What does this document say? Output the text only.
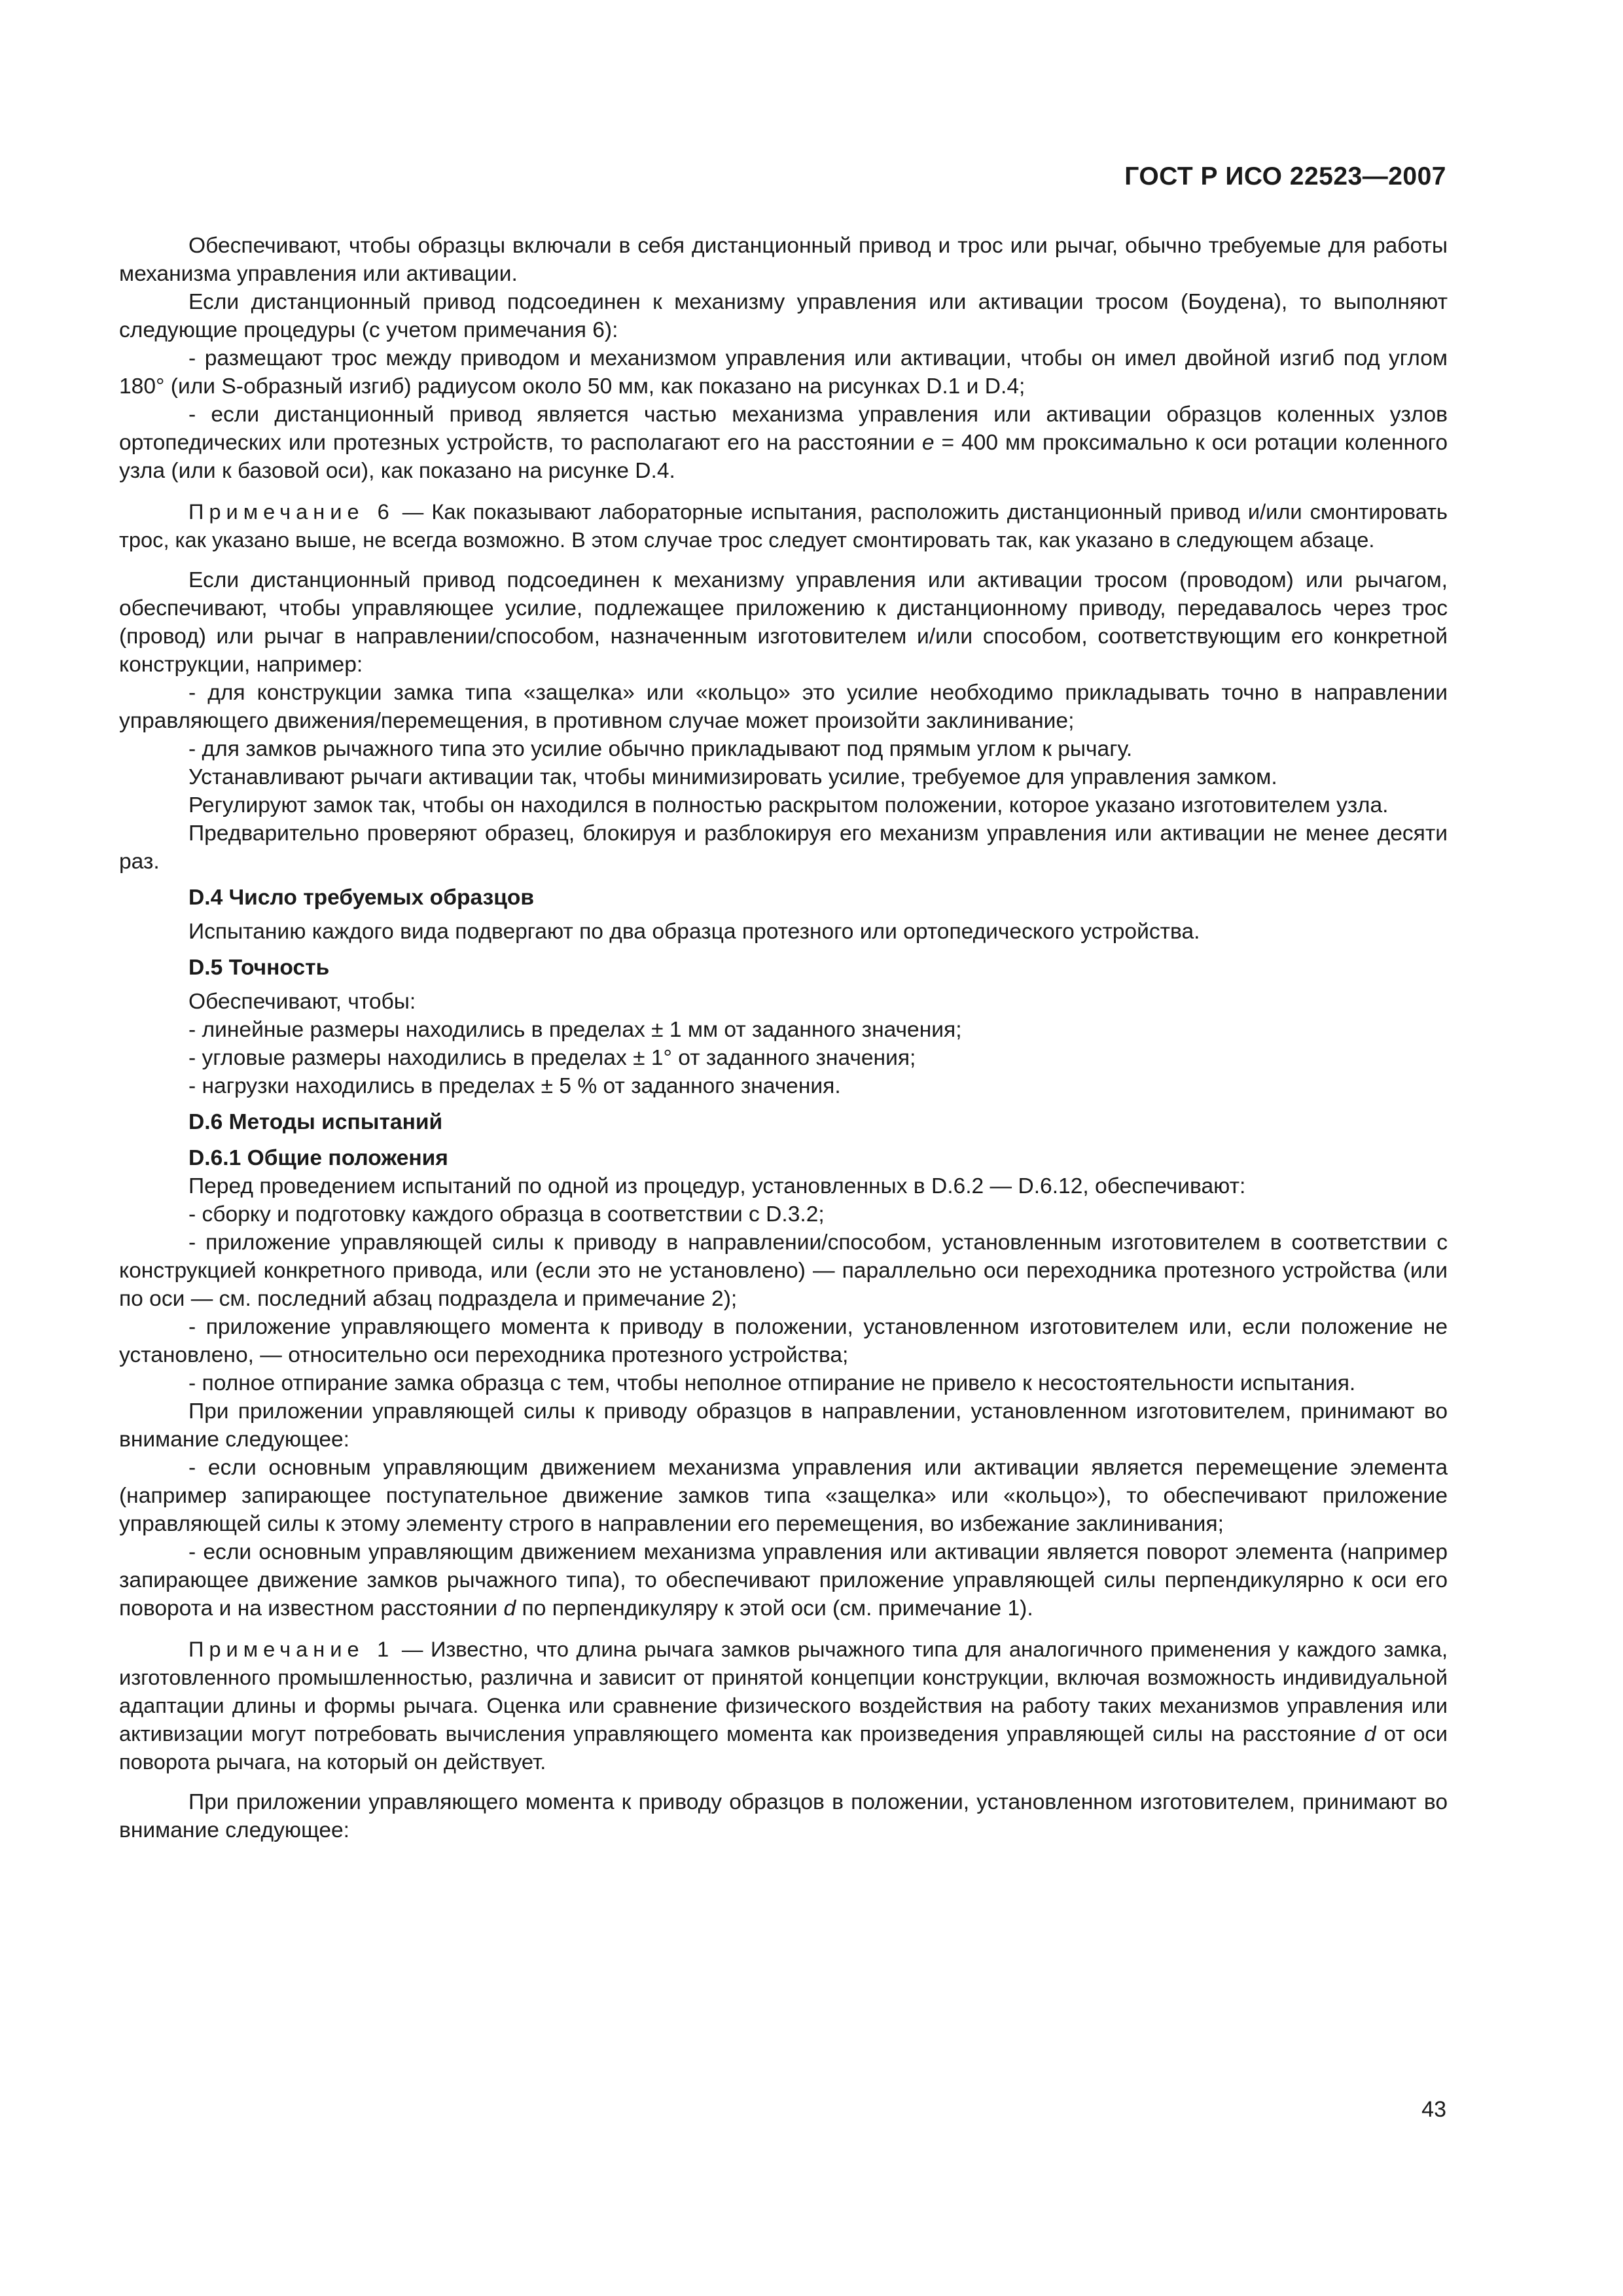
ГОСТ Р ИСО 22523—2007

Обеспечивают, чтобы образцы включали в себя дистанционный привод и трос или рычаг, обычно требуемые для работы механизма управления или активации.

Если дистанционный привод подсоединен к механизму управления или активации тросом (Боудена), то выполняют следующие процедуры (с учетом примечания 6):

- размещают трос между приводом и механизмом управления или активации, чтобы он имел двойной изгиб под углом 180° (или S-образный изгиб) радиусом около 50 мм, как показано на рисунках D.1 и D.4;

- если дистанционный привод является частью механизма управления или активации образцов коленных узлов ортопедических или протезных устройств, то располагают его на расстоянии e = 400 мм проксимально к оси ротации коленного узла (или к базовой оси), как показано на рисунке D.4.

Примечание 6 — Как показывают лабораторные испытания, расположить дистанционный привод и/или смонтировать трос, как указано выше, не всегда возможно. В этом случае трос следует смонтировать так, как указано в следующем абзаце.

Если дистанционный привод подсоединен к механизму управления или активации тросом (проводом) или рычагом, обеспечивают, чтобы управляющее усилие, подлежащее приложению к дистанционному приводу, передавалось через трос (провод) или рычаг в направлении/способом, назначенным изготовителем и/или способом, соответствующим его конкретной конструкции, например:

- для конструкции замка типа «защелка» или «кольцо» это усилие необходимо прикладывать точно в направлении управляющего движения/перемещения, в противном случае может произойти заклинивание;

- для замков рычажного типа это усилие обычно прикладывают под прямым углом к рычагу.

Устанавливают рычаги активации так, чтобы минимизировать усилие, требуемое для управления замком.

Регулируют замок так, чтобы он находился в полностью раскрытом положении, которое указано изготовителем узла.

Предварительно проверяют образец, блокируя и разблокируя его механизм управления или активации не менее десяти раз.

D.4 Число требуемых образцов

Испытанию каждого вида подвергают по два образца протезного или ортопедического устройства.

D.5 Точность

Обеспечивают, чтобы:

- линейные размеры находились в пределах ± 1 мм от заданного значения;

- угловые размеры находились в пределах ± 1° от заданного значения;

- нагрузки находились в пределах ± 5 % от заданного значения.

D.6 Методы испытаний
D.6.1 Общие положения

Перед проведением испытаний по одной из процедур, установленных в D.6.2 — D.6.12, обеспечивают:

- сборку и подготовку каждого образца в соответствии с D.3.2;

- приложение управляющей силы к приводу в направлении/способом, установленным изготовителем в соответствии с конструкцией конкретного привода, или (если это не установлено) — параллельно оси переходника протезного устройства (или по оси — см. последний абзац подраздела и примечание 2);

- приложение управляющего момента к приводу в положении, установленном изготовителем или, если положение не установлено, — относительно оси переходника протезного устройства;

- полное отпирание замка образца с тем, чтобы неполное отпирание не привело к несостоятельности испытания.

При приложении управляющей силы к приводу образцов в направлении, установленном изготовителем, принимают во внимание следующее:

- если основным управляющим движением механизма управления или активации является перемещение элемента (например запирающее поступательное движение замков типа «защелка» или «кольцо»), то обеспечивают приложение управляющей силы к этому элементу строго в направлении его перемещения, во избежание заклинивания;

- если основным управляющим движением механизма управления или активации является поворот элемента (например запирающее движение замков рычажного типа), то обеспечивают приложение управляющей силы перпендикулярно к оси его поворота и на известном расстоянии d по перпендикуляру к этой оси (см. примечание 1).

Примечание 1 — Известно, что длина рычага замков рычажного типа для аналогичного применения у каждого замка, изготовленного промышленностью, различна и зависит от принятой концепции конструкции, включая возможность индивидуальной адаптации длины и формы рычага. Оценка или сравнение физического воздействия на работу таких механизмов управления или активизации могут потребовать вычисления управляющего момента как произведения управляющей силы на расстояние d от оси поворота рычага, на который он действует.

При приложении управляющего момента к приводу образцов в положении, установленном изготовителем, принимают во внимание следующее:

43
